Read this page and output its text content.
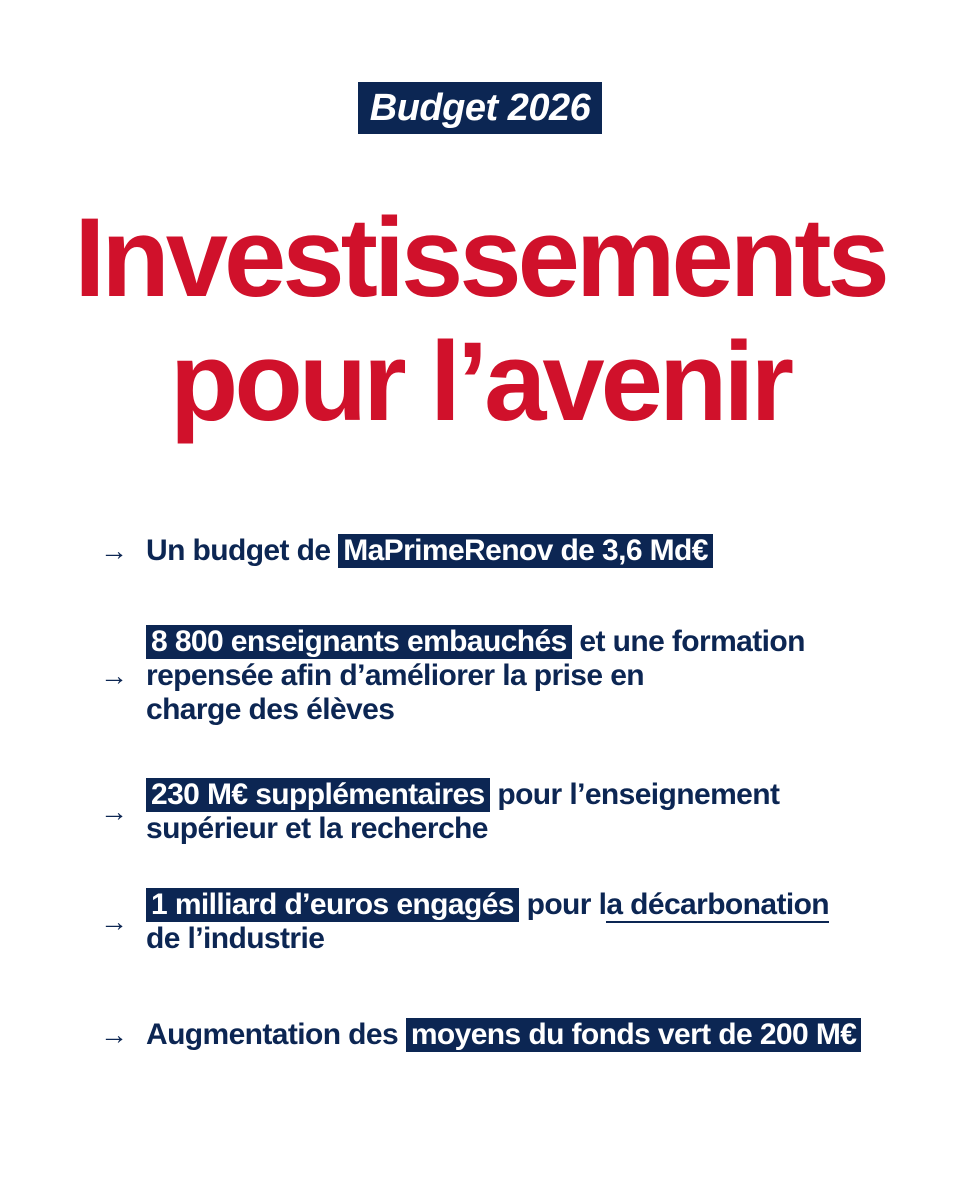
Budget 2026
Investissements
pour l’avenir
→ Un budget de MaPrimeRenov de 3,6 Md€
→
8 800 enseignants embauchés et une formation
repensée afin d’améliorer la prise en
charge des élèves
→
230 M€ supplémentaires pour l’enseignement
supérieur et la recherche
→
1 milliard d’euros engagés pour la décarbonation
de l’industrie
→ Augmentation des moyens du fonds vert de 200 M€
